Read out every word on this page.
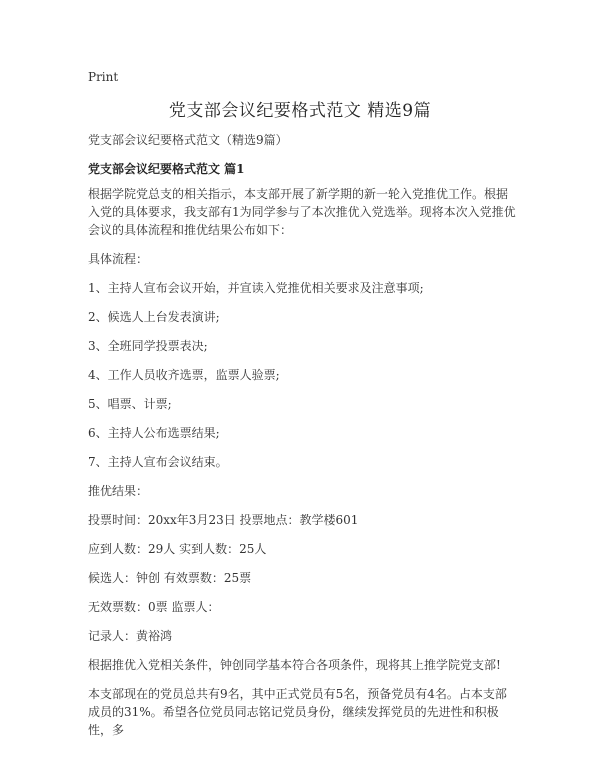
Print
党支部会议纪要格式范文 精选9篇
党支部会议纪要格式范文（精选9篇）
党支部会议纪要格式范文 篇1

根据学院党总支的相关指示，本支部开展了新学期的新一轮入党推优工作。根据入党的具体要求，我支部有1为同学参与了本次推优入党选举。现将本次入党推优会议的具体流程和推优结果公布如下：

具体流程：

1、主持人宣布会议开始，并宣读入党推优相关要求及注意事项;

2、候选人上台发表演讲;

3、全班同学投票表决;

4、工作人员收齐选票，监票人验票;

5、唱票、计票;

6、主持人公布选票结果;

7、主持人宣布会议结束。

推优结果：

投票时间：20xx年3月23日 投票地点：教学楼601

应到人数：29人 实到人数：25人

候选人：钟创 有效票数：25票

无效票数：0票 监票人：

记录人：黄裕鸿

根据推优入党相关条件，钟创同学基本符合各项条件，现将其上推学院党支部!

本支部现在的党员总共有9名，其中正式党员有5名，预备党员有4名。占本支部成员的31%。希望各位党员同志铭记党员身份，继续发挥党员的先进性和积极性，多
